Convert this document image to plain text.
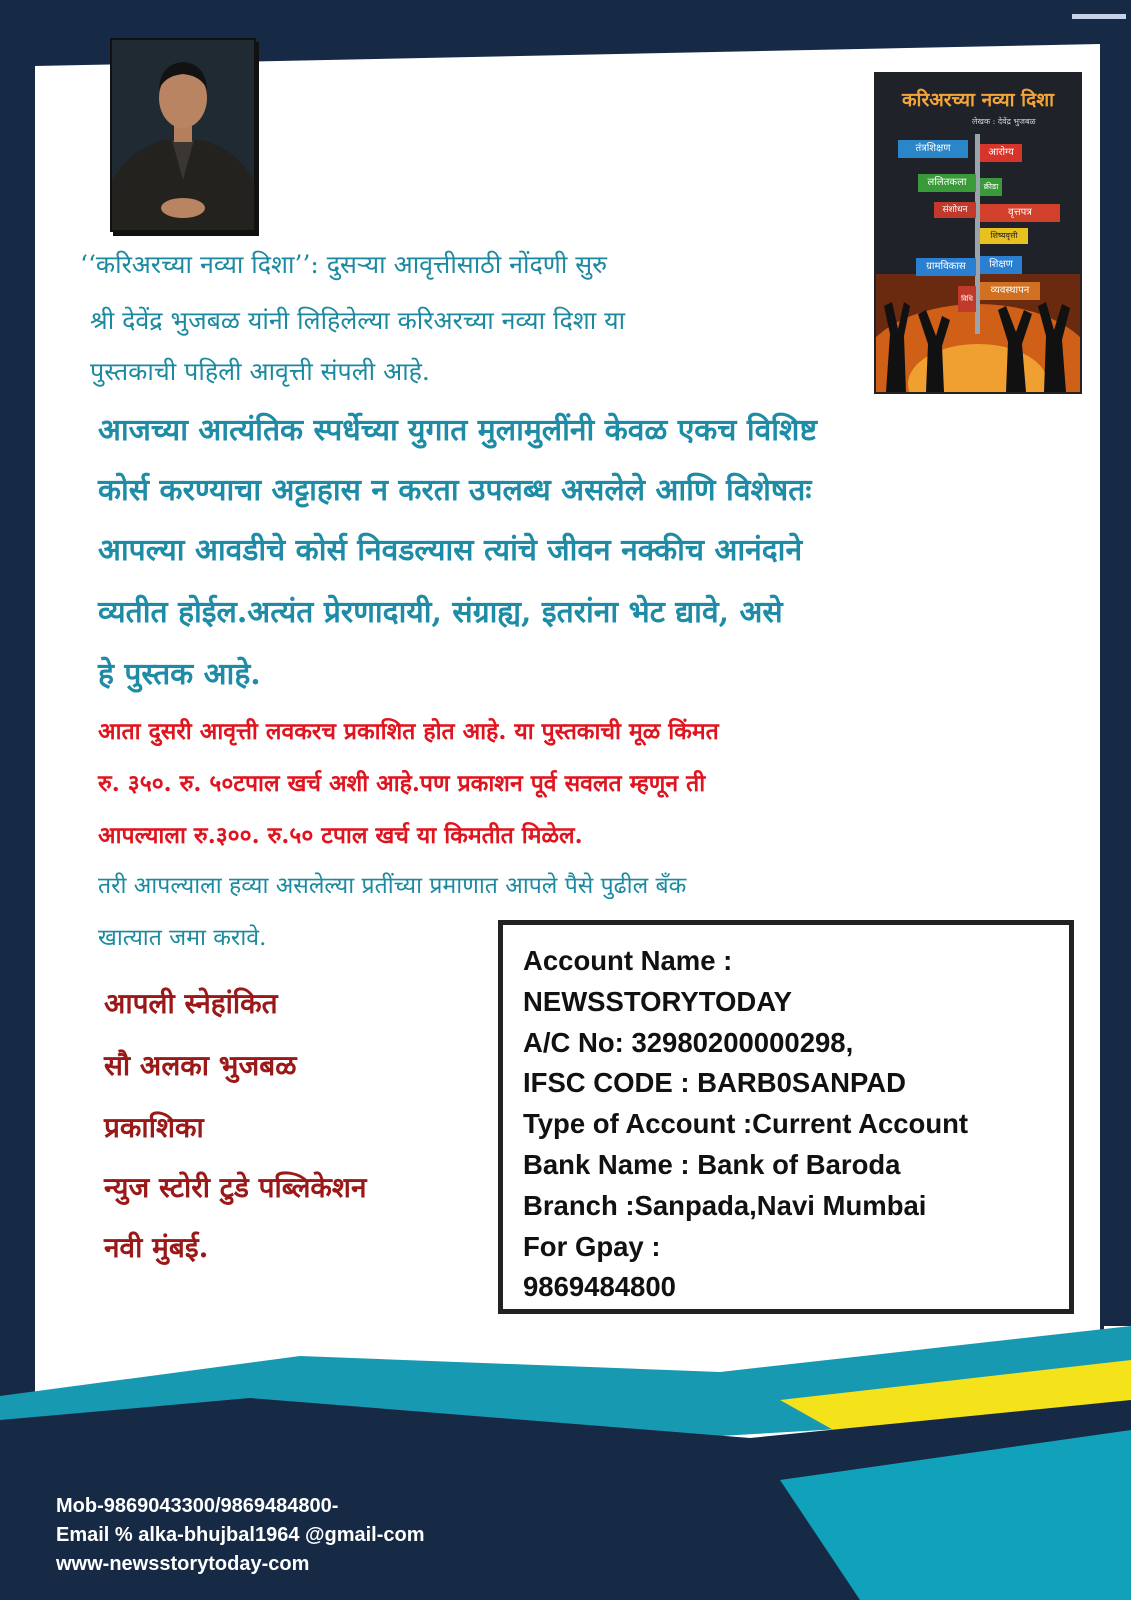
करिअरच्या नव्या दिशा
लेखक : देवेंद्र भुजबळ
तंत्रशिक्षण	आरोग्य
ललितकला	क्रीडा
संशोधन	वृत्तपत्र
शिष्यवृत्ती
ग्रामविकास	शिक्षण
व्यवस्थापन
विधि
‘‘करिअरच्या नव्या दिशा’’: दुसऱ्या आवृत्तीसाठी नोंदणी सुरु
श्री देवेंद्र भुजबळ यांनी लिहिलेल्या करिअरच्या नव्या दिशा या
पुस्तकाची पहिली आवृत्ती संपली आहे.
आजच्या आत्यंतिक स्पर्धेच्या युगात मुलामुलींनी केवळ एकच विशिष्ट
कोर्स करण्याचा अट्टाहास न करता उपलब्ध असलेले आणि विशेषतः
आपल्या आवडीचे कोर्स निवडल्यास त्यांचे जीवन नक्कीच आनंदाने
व्यतीत होईल.अत्यंत प्रेरणादायी, संग्राह्य, इतरांना भेट द्यावे, असे
हे पुस्तक आहे.
आता दुसरी आवृत्ती लवकरच प्रकाशित होत आहे. या पुस्तकाची मूळ किंमत
रु. ३५०. रु. ५०टपाल खर्च अशी आहे.पण प्रकाशन पूर्व सवलत म्हणून ती
आपल्याला रु.३००. रु.५० टपाल खर्च या किमतीत मिळेल.
तरी आपल्याला हव्या असलेल्या प्रतींच्या प्रमाणात आपले पैसे पुढील बँक
खात्यात जमा करावे.
आपली स्नेहांकित
सौ अलका भुजबळ
प्रकाशिका
न्युज स्टोरी टुडे पब्लिकेशन
नवी मुंबई.
Account Name :
NEWSSTORYTODAY
A/C No: 32980200000298,
IFSC CODE : BARB0SANPAD
Type of Account :Current Account
Bank Name : Bank of Baroda
Branch :Sanpada,Navi Mumbai
For Gpay :
9869484800
Mob-9869043300/9869484800-
Email % alka-bhujbal1964 @gmail-com
www-newsstorytoday-com
